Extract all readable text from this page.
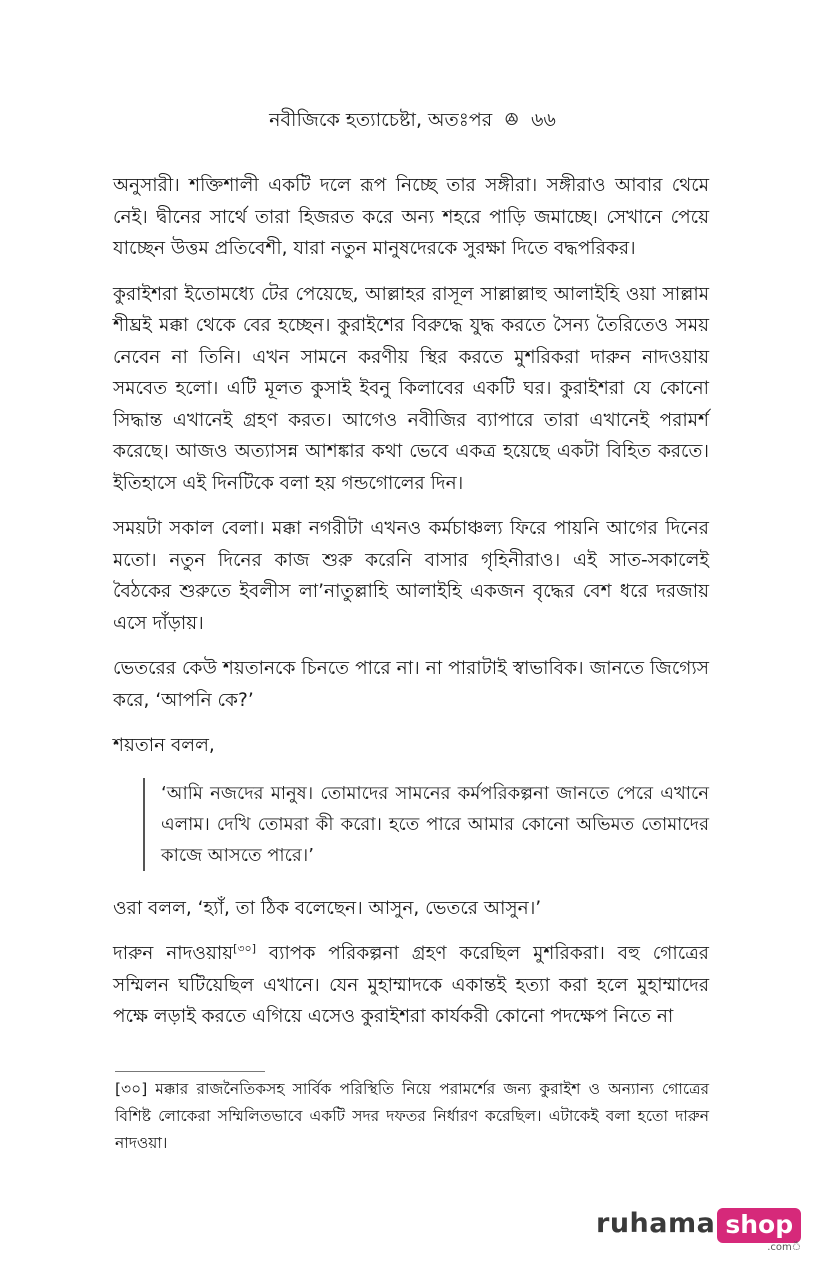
নবীজিকে হত্যাচেষ্টা, অতঃপর ꔮ ৬৬

অনুসারী। শক্তিশালী একটি দলে রূপ নিচ্ছে তার সঙ্গীরা। সঙ্গীরাও আবার থেমে নেই। দ্বীনের সার্থে তারা হিজরত করে অন্য শহরে পাড়ি জমাচ্ছে। সেখানে পেয়ে যাচ্ছেন উত্তম প্রতিবেশী, যারা নতুন মানুষদেরকে সুরক্ষা দিতে বদ্ধপরিকর।

কুরাইশরা ইতোমধ্যে টের পেয়েছে, আল্লাহর রাসূল সাল্লাল্লাহু আলাইহি ওয়া সাল্লাম শীঘ্রই মক্কা থেকে বের হচ্ছেন। কুরাইশের বিরুদ্ধে যুদ্ধ করতে সৈন্য তৈরিতেও সময় নেবেন না তিনি। এখন সামনে করণীয় স্থির করতে মুশরিকরা দারুন নাদওয়ায় সমবেত হলো। এটি মূলত কুসাই ইবনু কিলাবের একটি ঘর। কুরাইশরা যে কোনো সিদ্ধান্ত এখানেই গ্রহণ করত। আগেও নবীজির ব্যাপারে তারা এখানেই পরামর্শ করেছে। আজও অত্যাসন্ন আশঙ্কার কথা ভেবে একত্র হয়েছে একটা বিহিত করতে। ইতিহাসে এই দিনটিকে বলা হয় গন্ডগোলের দিন।

সময়টা সকাল বেলা। মক্কা নগরীটা এখনও কর্মচাঞ্চল্য ফিরে পায়নি আগের দিনের মতো। নতুন দিনের কাজ শুরু করেনি বাসার গৃহিনীরাও। এই সাত-সকালেই বৈঠকের শুরুতে ইবলীস লা’নাতুল্লাহি আলাইহি একজন বৃদ্ধের বেশ ধরে দরজায় এসে দাঁড়ায়।

ভেতরের কেউ শয়তানকে চিনতে পারে না। না পারাটাই স্বাভাবিক। জানতে জিগ্যেস করে, ‘আপনি কে?’

শয়তান বলল,

‘আমি নজদের মানুষ। তোমাদের সামনের কর্মপরিকল্পনা জানতে পেরে এখানে এলাম। দেখি তোমরা কী করো। হতে পারে আমার কোনো অভিমত তোমাদের কাজে আসতে পারে।’

ওরা বলল, ‘হ্যাঁ, তা ঠিক বলেছেন। আসুন, ভেতরে আসুন।’

দারুন নাদওয়ায়[৩০] ব্যাপক পরিকল্পনা গ্রহণ করেছিল মুশরিকরা। বহু গোত্রের সম্মিলন ঘটিয়েছিল এখানে। যেন মুহাম্মাদকে একান্তই হত্যা করা হলে মুহাম্মাদের পক্ষে লড়াই করতে এগিয়ে এসেও কুরাইশরা কার্যকরী কোনো পদক্ষেপ নিতে না

[৩০] মক্কার রাজনৈতিকসহ সার্বিক পরিস্থিতি নিয়ে পরামর্শের জন্য কুরাইশ ও অন্যান্য গোত্রের বিশিষ্ট লোকেরা সম্মিলিতভাবে একটি সদর দফতর নির্ধারণ করেছিল। এটাকেই বলা হতো দারুন নাদওয়া।
ruhama shop
.comঁ
